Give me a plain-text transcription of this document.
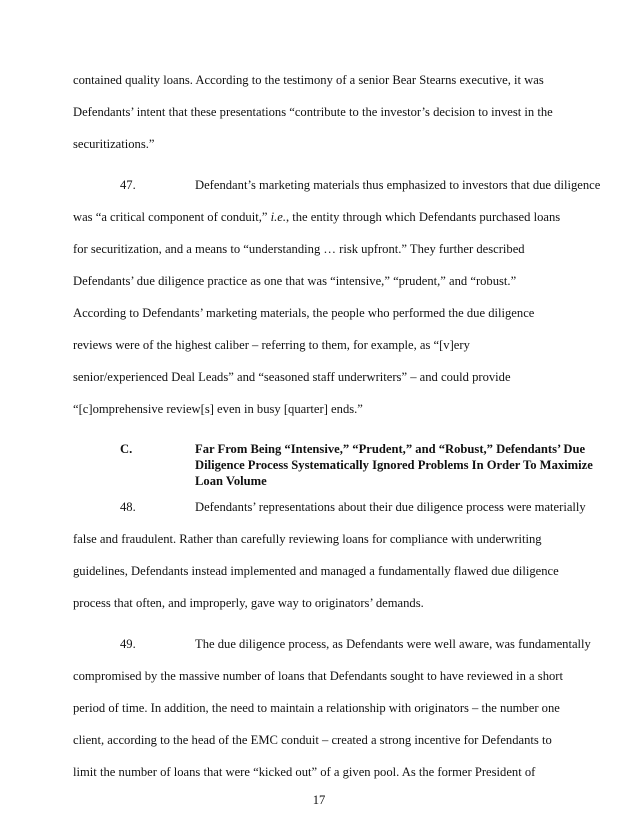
contained quality loans. According to the testimony of a senior Bear Stearns executive, it was
Defendants’ intent that these presentations “contribute to the investor’s decision to invest in the
securitizations.”
47.	Defendant’s marketing materials thus emphasized to investors that due diligence
was “a critical component of conduit,” i.e., the entity through which Defendants purchased loans
for securitization, and a means to “understanding … risk upfront.” They further described
Defendants’ due diligence practice as one that was “intensive,” “prudent,” and “robust.”
According to Defendants’ marketing materials, the people who performed the due diligence
reviews were of the highest caliber – referring to them, for example, as “[v]ery
senior/experienced Deal Leads” and “seasoned staff underwriters” – and could provide
“[c]omprehensive review[s] even in busy [quarter] ends.”
C.	Far From Being “Intensive,” “Prudent,” and “Robust,” Defendants’ Due
Diligence Process Systematically Ignored Problems In Order To Maximize
Loan Volume
48.	Defendants’ representations about their due diligence process were materially
false and fraudulent. Rather than carefully reviewing loans for compliance with underwriting
guidelines, Defendants instead implemented and managed a fundamentally flawed due diligence
process that often, and improperly, gave way to originators’ demands.
49.	The due diligence process, as Defendants were well aware, was fundamentally
compromised by the massive number of loans that Defendants sought to have reviewed in a short
period of time. In addition, the need to maintain a relationship with originators – the number one
client, according to the head of the EMC conduit – created a strong incentive for Defendants to
limit the number of loans that were “kicked out” of a given pool. As the former President of
17
